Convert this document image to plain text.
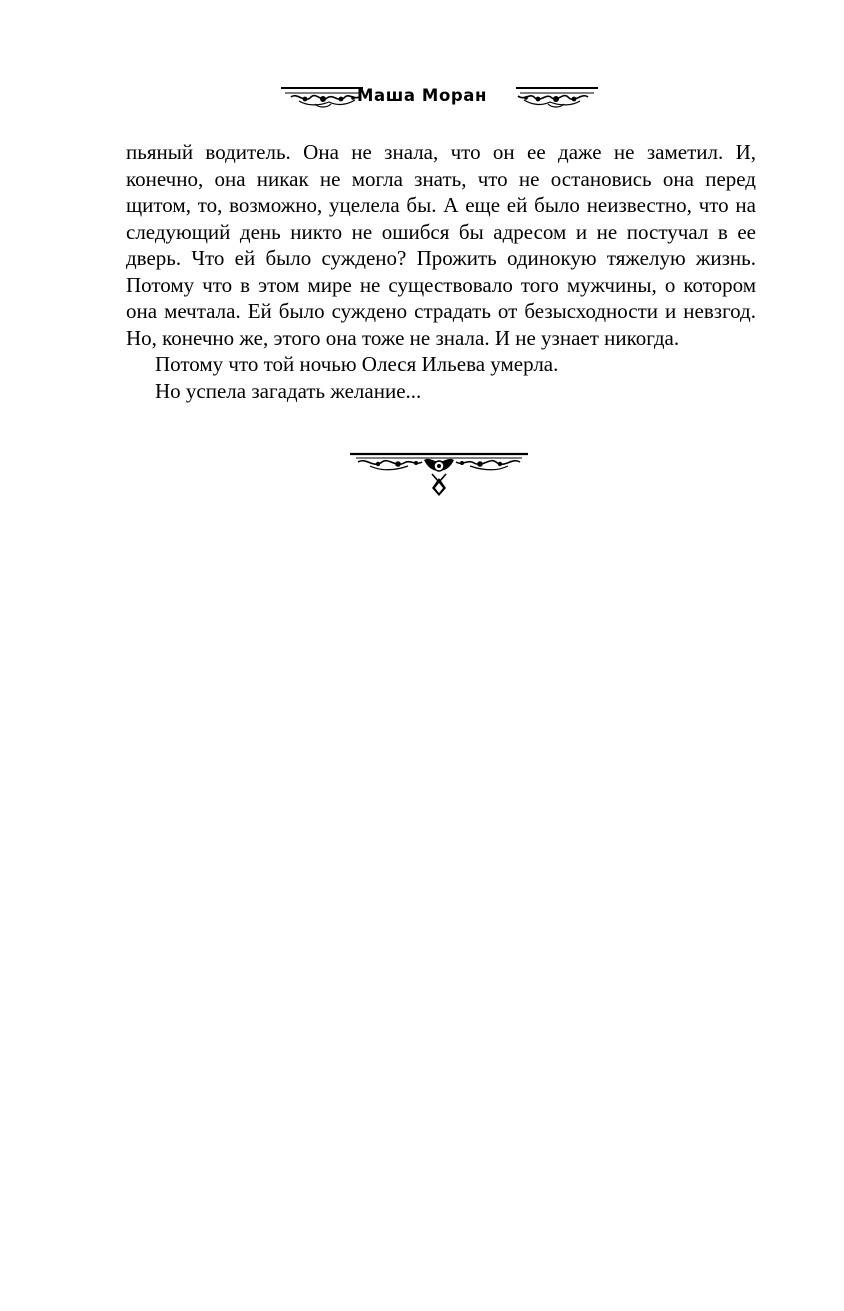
Маша Моран

пьяный водитель. Она не знала, что он ее даже не заметил. И, конечно, она никак не могла знать, что не остановись она перед щитом, то, возможно, уцелела бы. А еще ей было неизвестно, что на следующий день никто не ошибся бы адресом и не постучал в ее дверь. Что ей было суждено? Прожить одинокую тяжелую жизнь. Потому что в этом мире не существовало того мужчины, о котором она мечтала. Ей было суждено страдать от безысходности и невзгод. Но, конечно же, этого она тоже не знала. И не узнает никогда.

Потому что той ночью Олеся Ильева умерла.

Но успела загадать желание...
